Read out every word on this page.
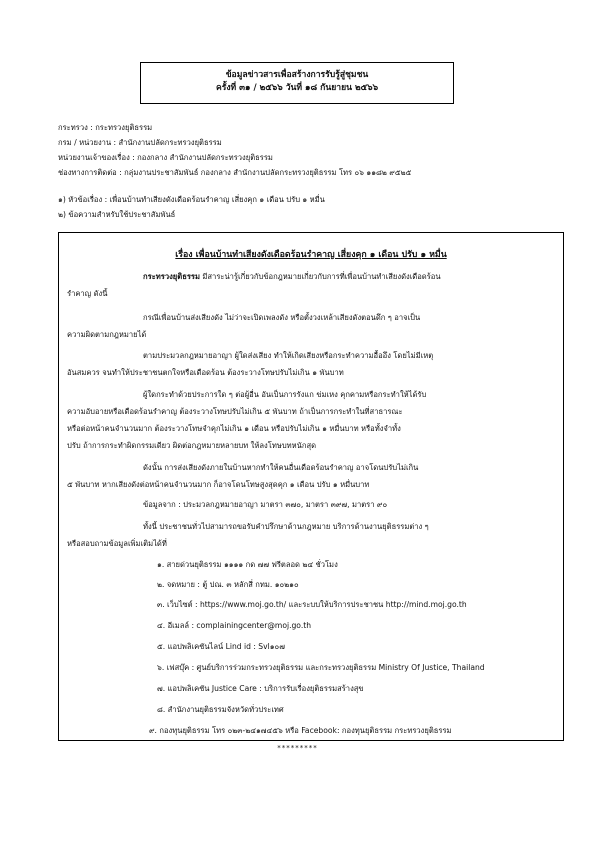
ข้อมูลข่าวสารเพื่อสร้างการรับรู้สู่ชุมชน
ครั้งที่ ๓๑ / ๒๕๖๖ วันที่ ๑๘ กันยายน ๒๕๖๖
กระทรวง : กระทรวงยุติธรรม
กรม / หน่วยงาน : สำนักงานปลัดกระทรวงยุติธรรม
หน่วยงานเจ้าของเรื่อง : กองกลาง สำนักงานปลัดกระทรวงยุติธรรม
ช่องทางการติดต่อ : กลุ่มงานประชาสัมพันธ์ กองกลาง สำนักงานปลัดกระทรวงยุติธรรม โทร ๐๖ ๑๑๘๒ ๙๕๒๕
๑) หัวข้อเรื่อง : เพื่อนบ้านทำเสียงดังเดือดร้อนรำคาญ เสี่ยงคุก ๑ เดือน ปรับ ๑ หมื่น
๒) ข้อความสำหรับใช้ประชาสัมพันธ์
เรื่อง เพื่อนบ้านทำเสียงดังเดือดร้อนรำคาญ เสี่ยงคุก ๑ เดือน ปรับ ๑ หมื่น
กระทรวงยุติธรรม มีสาระน่ารู้เกี่ยวกับข้อกฎหมายเกี่ยวกับการที่เพื่อนบ้านทำเสียงดังเดือดร้อน
รำคาญ ดังนี้
กรณีเพื่อนบ้านส่งเสียงดัง ไม่ว่าจะเปิดเพลงดัง หรือตั้งวงเหล้าเสียงดังตอนดึก ๆ อาจเป็น
ความผิดตามกฎหมายได้
ตามประมวลกฎหมายอาญา ผู้ใดส่งเสียง ทำให้เกิดเสียงหรือกระทำความอื้ออึง โดยไม่มีเหตุ
อันสมควร จนทำให้ประชาชนตกใจหรือเดือดร้อน ต้องระวางโทษปรับไม่เกิน ๑ พันบาท
ผู้ใดกระทำด้วยประการใด ๆ ต่อผู้อื่น อันเป็นการรังแก ข่มเหง คุกคามหรือกระทำให้ได้รับ
ความอับอายหรือเดือดร้อนรำคาญ ต้องระวางโทษปรับไม่เกิน ๕ พันบาท ถ้าเป็นการกระทำในที่สาธารณะ
หรือต่อหน้าคนจำนวนมาก ต้องระวางโทษจำคุกไม่เกิน ๑ เดือน หรือปรับไม่เกิน ๑ หมื่นบาท หรือทั้งจำทั้ง
ปรับ ถ้าการกระทำผิดกรรมเดียว ผิดต่อกฎหมายหลายบท ให้ลงโทษบทหนักสุด
ดังนั้น การส่งเสียงดังภายในบ้านหากทำให้คนอื่นเดือดร้อนรำคาญ อาจโดนปรับไม่เกิน
๕ พันบาท หากเสียงดังต่อหน้าคนจำนวนมาก ก็อาจโดนโทษสูงสุดคุก ๑ เดือน ปรับ ๑ หมื่นบาท
ข้อมูลจาก : ประมวลกฎหมายอาญา มาตรา ๓๗๐, มาตรา ๓๙๗, มาตรา ๙๐
ทั้งนี้ ประชาชนทั่วไปสามารถขอรับคำปรึกษาด้านกฎหมาย บริการด้านงานยุติธรรมต่าง ๆ
หรือสอบถามข้อมูลเพิ่มเติมได้ที่
๑. สายด่วนยุติธรรม ๑๑๑๑ กด ๗๗ ฟรีตลอด ๒๔ ชั่วโมง
๒. จดหมาย : ตู้ ปณ. ๓ หลักสี่ กทม. ๑๐๒๑๐
๓. เว็บไซต์ : https://www.moj.go.th/ และระบบให้บริการประชาชน http://mind.moj.go.th
๔. อีเมลล์ : complainingcenter@moj.go.th
๕. แอปพลิเคชันไลน์ Lind id : Svl๑๐๗
๖. เฟสบุ๊ค : ศูนย์บริการร่วมกระทรวงยุติธรรม และกระทรวงยุติธรรม Ministry Of Justice, Thailand
๗. แอปพลิเคชัน Justice Care : บริการรับเรื่องยุติธรรมสร้างสุข
๘. สำนักงานยุติธรรมจังหวัดทั่วประเทศ
๙. กองทุนยุติธรรม โทร ๐๒๓-๒๔๑๗๔๕๖ หรือ Facebook: กองทุนยุติธรรม กระทรวงยุติธรรม
*********
